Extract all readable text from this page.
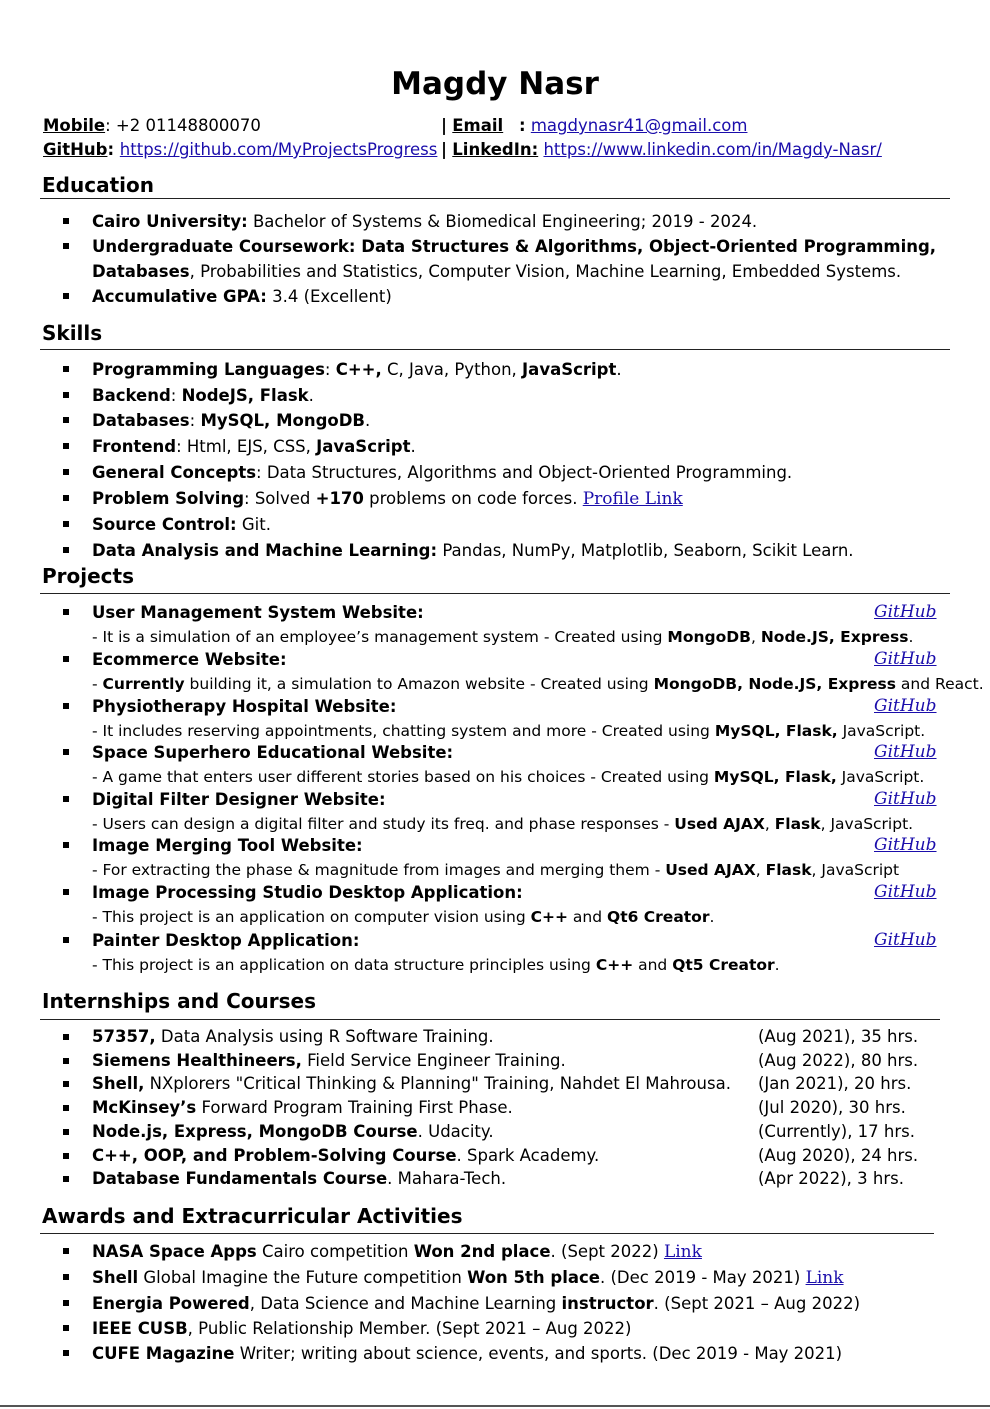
Magdy Nasr
Mobile: +2 01148800070
GitHub: https://github.com/MyProjectsProgress
| Email : magdynasr41@gmail.com
| LinkedIn: https://www.linkedin.com/in/Magdy-Nasr/
Education
Cairo University: Bachelor of Systems & Biomedical Engineering; 2019 - 2024.
Undergraduate Coursework: Data Structures & Algorithms, Object-Oriented Programming,
Databases, Probabilities and Statistics, Computer Vision, Machine Learning, Embedded Systems.
Accumulative GPA: 3.4 (Excellent)
Skills
Programming Languages: C++, C, Java, Python, JavaScript.
Backend: NodeJS, Flask.
Databases: MySQL, MongoDB.
Frontend: Html, EJS, CSS, JavaScript.
General Concepts: Data Structures, Algorithms and Object-Oriented Programming.
Problem Solving: Solved +170 problems on code forces. Profile Link
Source Control: Git.
Data Analysis and Machine Learning: Pandas, NumPy, Matplotlib, Seaborn, Scikit Learn.
Projects
User Management System Website:	GitHub
- It is a simulation of an employee’s management system - Created using MongoDB, Node.JS, Express.
Ecommerce Website:	GitHub
- Currently building it, a simulation to Amazon website - Created using MongoDB, Node.JS, Express and React.
Physiotherapy Hospital Website:	GitHub
- It includes reserving appointments, chatting system and more - Created using MySQL, Flask, JavaScript.
Space Superhero Educational Website:	GitHub
- A game that enters user different stories based on his choices - Created using MySQL, Flask, JavaScript.
Digital Filter Designer Website:	GitHub
- Users can design a digital filter and study its freq. and phase responses - Used AJAX, Flask, JavaScript.
Image Merging Tool Website:	GitHub
- For extracting the phase & magnitude from images and merging them - Used AJAX, Flask, JavaScript
Image Processing Studio Desktop Application:	GitHub
- This project is an application on computer vision using C++ and Qt6 Creator.
Painter Desktop Application:	GitHub
- This project is an application on data structure principles using C++ and Qt5 Creator.
Internships and Courses
57357, Data Analysis using R Software Training.	(Aug 2021), 35 hrs.
Siemens Healthineers, Field Service Engineer Training.	(Aug 2022), 80 hrs.
Shell, NXplorers "Critical Thinking & Planning" Training, Nahdet El Mahrousa. (Jan 2021), 20 hrs.
McKinsey’s Forward Program Training First Phase.	(Jul 2020), 30 hrs.
Node.js, Express, MongoDB Course. Udacity.	(Currently), 17 hrs.
C++, OOP, and Problem-Solving Course. Spark Academy.	(Aug 2020), 24 hrs.
Database Fundamentals Course. Mahara-Tech.	(Apr 2022), 3 hrs.
Awards and Extracurricular Activities
NASA Space Apps Cairo competition Won 2nd place. (Sept 2022) Link
Shell Global Imagine the Future competition Won 5th place. (Dec 2019 - May 2021) Link
Energia Powered, Data Science and Machine Learning instructor. (Sept 2021 – Aug 2022)
IEEE CUSB, Public Relationship Member. (Sept 2021 – Aug 2022)
CUFE Magazine Writer; writing about science, events, and sports. (Dec 2019 - May 2021)
